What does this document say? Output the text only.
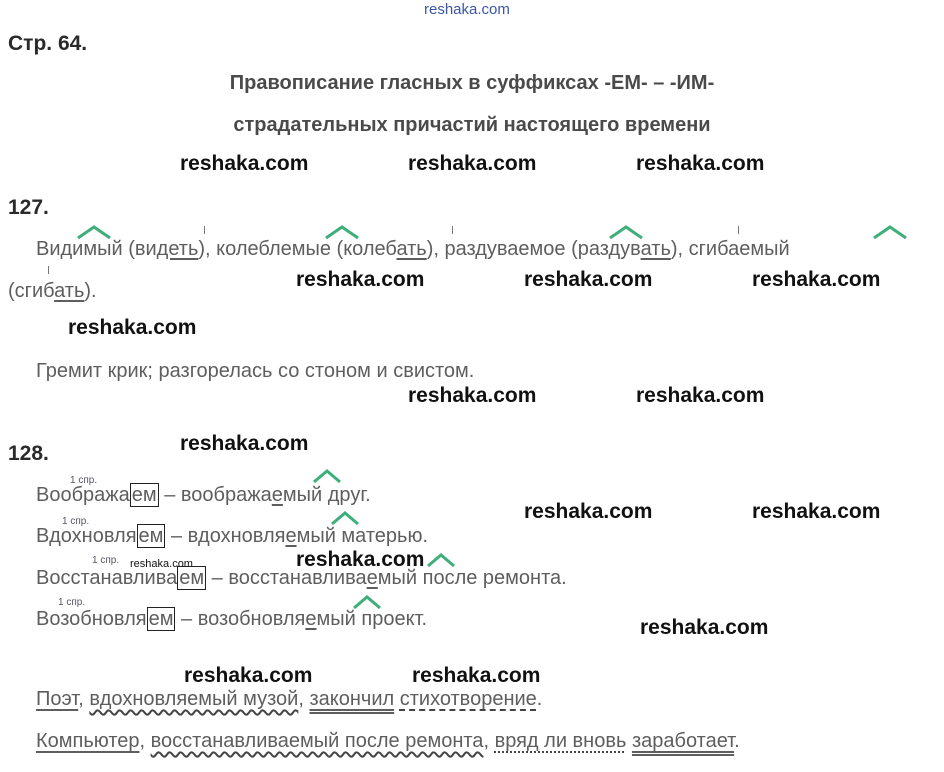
reshaka.com
Стр. 64.
Правописание гласных в суффиксах -ЕМ- – -ИМ-
страдательных причастий настоящего времени
reshaka.com	reshaka.com	reshaka.com
127.
Видимый (видеть), колеблемые (колебать), раздуваемое (раздувать), сгибаемый
(сгибать).	reshaka.com	reshaka.com	reshaka.com
reshaka.com
Гремит крик; разгорелась со стоном и свистом.
reshaka.com	reshaka.com
reshaka.com
128.
1 спр.
Вообража ем – воображаемый друг.
1 спр.
Вдохновля ем – вдохновляемый матерью.
1 спр. reshaka.com
Восстанавлива ем – восстанавливаемый после ремонта.
1 спр.
Возобновля ем – возобновляемый проект.
reshaka.com	reshaka.com
reshaka.com
reshaka.com
reshaka.com	reshaka.com
Поэт, вдохновляемый музой, закончил стихотворение.
Компьютер, восстанавливаемый после ремонта, вряд ли вновь заработает.
